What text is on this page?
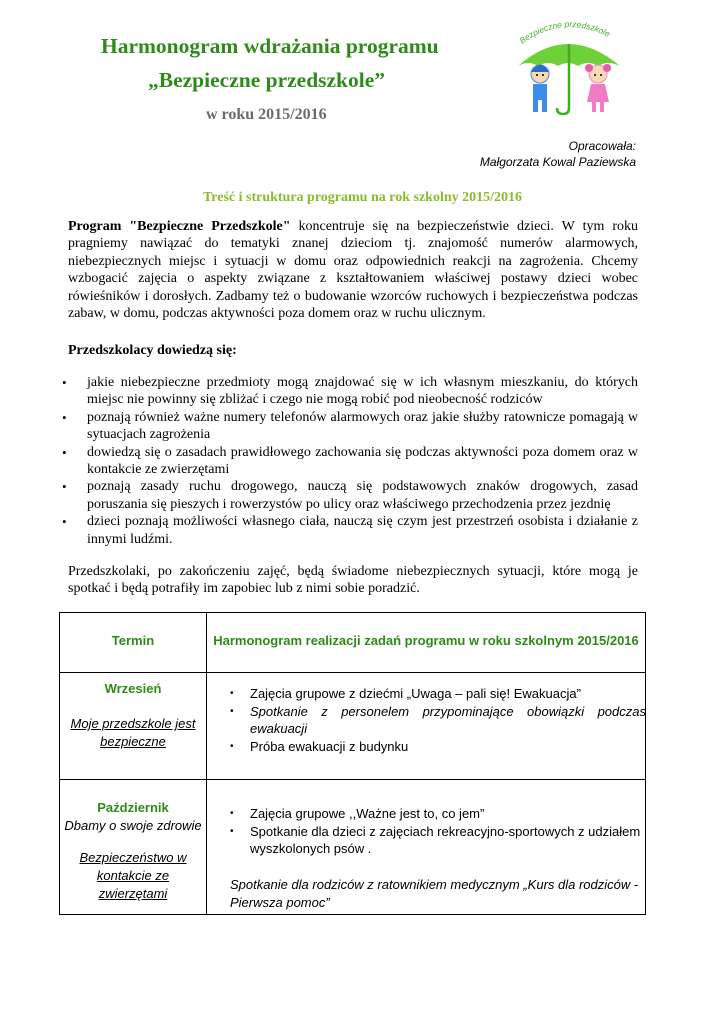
Harmonogram wdrażania programu
„Bezpieczne przedszkole”
w roku 2015/2016
Bezpieczne przedszkole
Opracowała:
Małgorzata Kowal Paziewska
Treść i struktura programu na rok szkolny 2015/2016
Program "Bezpieczne Przedszkole" koncentruje się na bezpieczeństwie dzieci. W tym roku pragniemy nawiązać do tematyki znanej dzieciom tj. znajomość numerów alarmowych, niebezpiecznych miejsc i sytuacji w domu oraz odpowiednich reakcji na zagrożenia. Chcemy wzbogacić zajęcia o aspekty związane z kształtowaniem właściwej postawy dzieci wobec rówieśników i dorosłych. Zadbamy też o budowanie wzorców ruchowych i bezpieczeństwa podczas zabaw, w domu, podczas aktywności poza domem oraz w ruchu ulicznym.
Przedszkolacy dowiedzą się:
• jakie niebezpieczne przedmioty mogą znajdować się w ich własnym mieszkaniu, do których miejsc nie powinny się zbliżać i czego nie mogą robić pod nieobecność rodziców
• poznają również ważne numery telefonów alarmowych oraz jakie służby ratownicze pomagają w sytuacjach zagrożenia
• dowiedzą się o zasadach prawidłowego zachowania się podczas aktywności poza domem oraz w kontakcie ze zwierzętami
• poznają zasady ruchu drogowego, nauczą się podstawowych znaków drogowych, zasad poruszania się pieszych i rowerzystów po ulicy oraz właściwego przechodzenia przez jezdnię
• dzieci poznają możliwości własnego ciała, nauczą się czym jest przestrzeń osobista i działanie z innymi ludźmi.
Przedszkolaki, po zakończeniu zajęć, będą świadome niebezpiecznych sytuacji, które mogą je spotkać i będą potrafiły im zapobiec lub z nimi sobie poradzić.
Termin	Harmonogram realizacji zadań programu w roku szkolnym 2015/2016
Wrzesień
Moje przedszkole jest bezpieczne
• Zajęcia grupowe z dziećmi „Uwaga – pali się! Ewakuacja”
• Spotkanie z personelem przypominające obowiązki podczas ewakuacji
• Próba ewakuacji z budynku
Październik
Dbamy o swoje zdrowie
Bezpieczeństwo w kontakcie ze zwierzętami
• Zajęcia grupowe ,,Ważne jest to, co jem”
• Spotkanie dla dzieci z zajęciach rekreacyjno-sportowych z udziałem wyszkolonych psów .
Spotkanie dla rodziców z ratownikiem medycznym „Kurs dla rodziców -Pierwsza pomoc”
